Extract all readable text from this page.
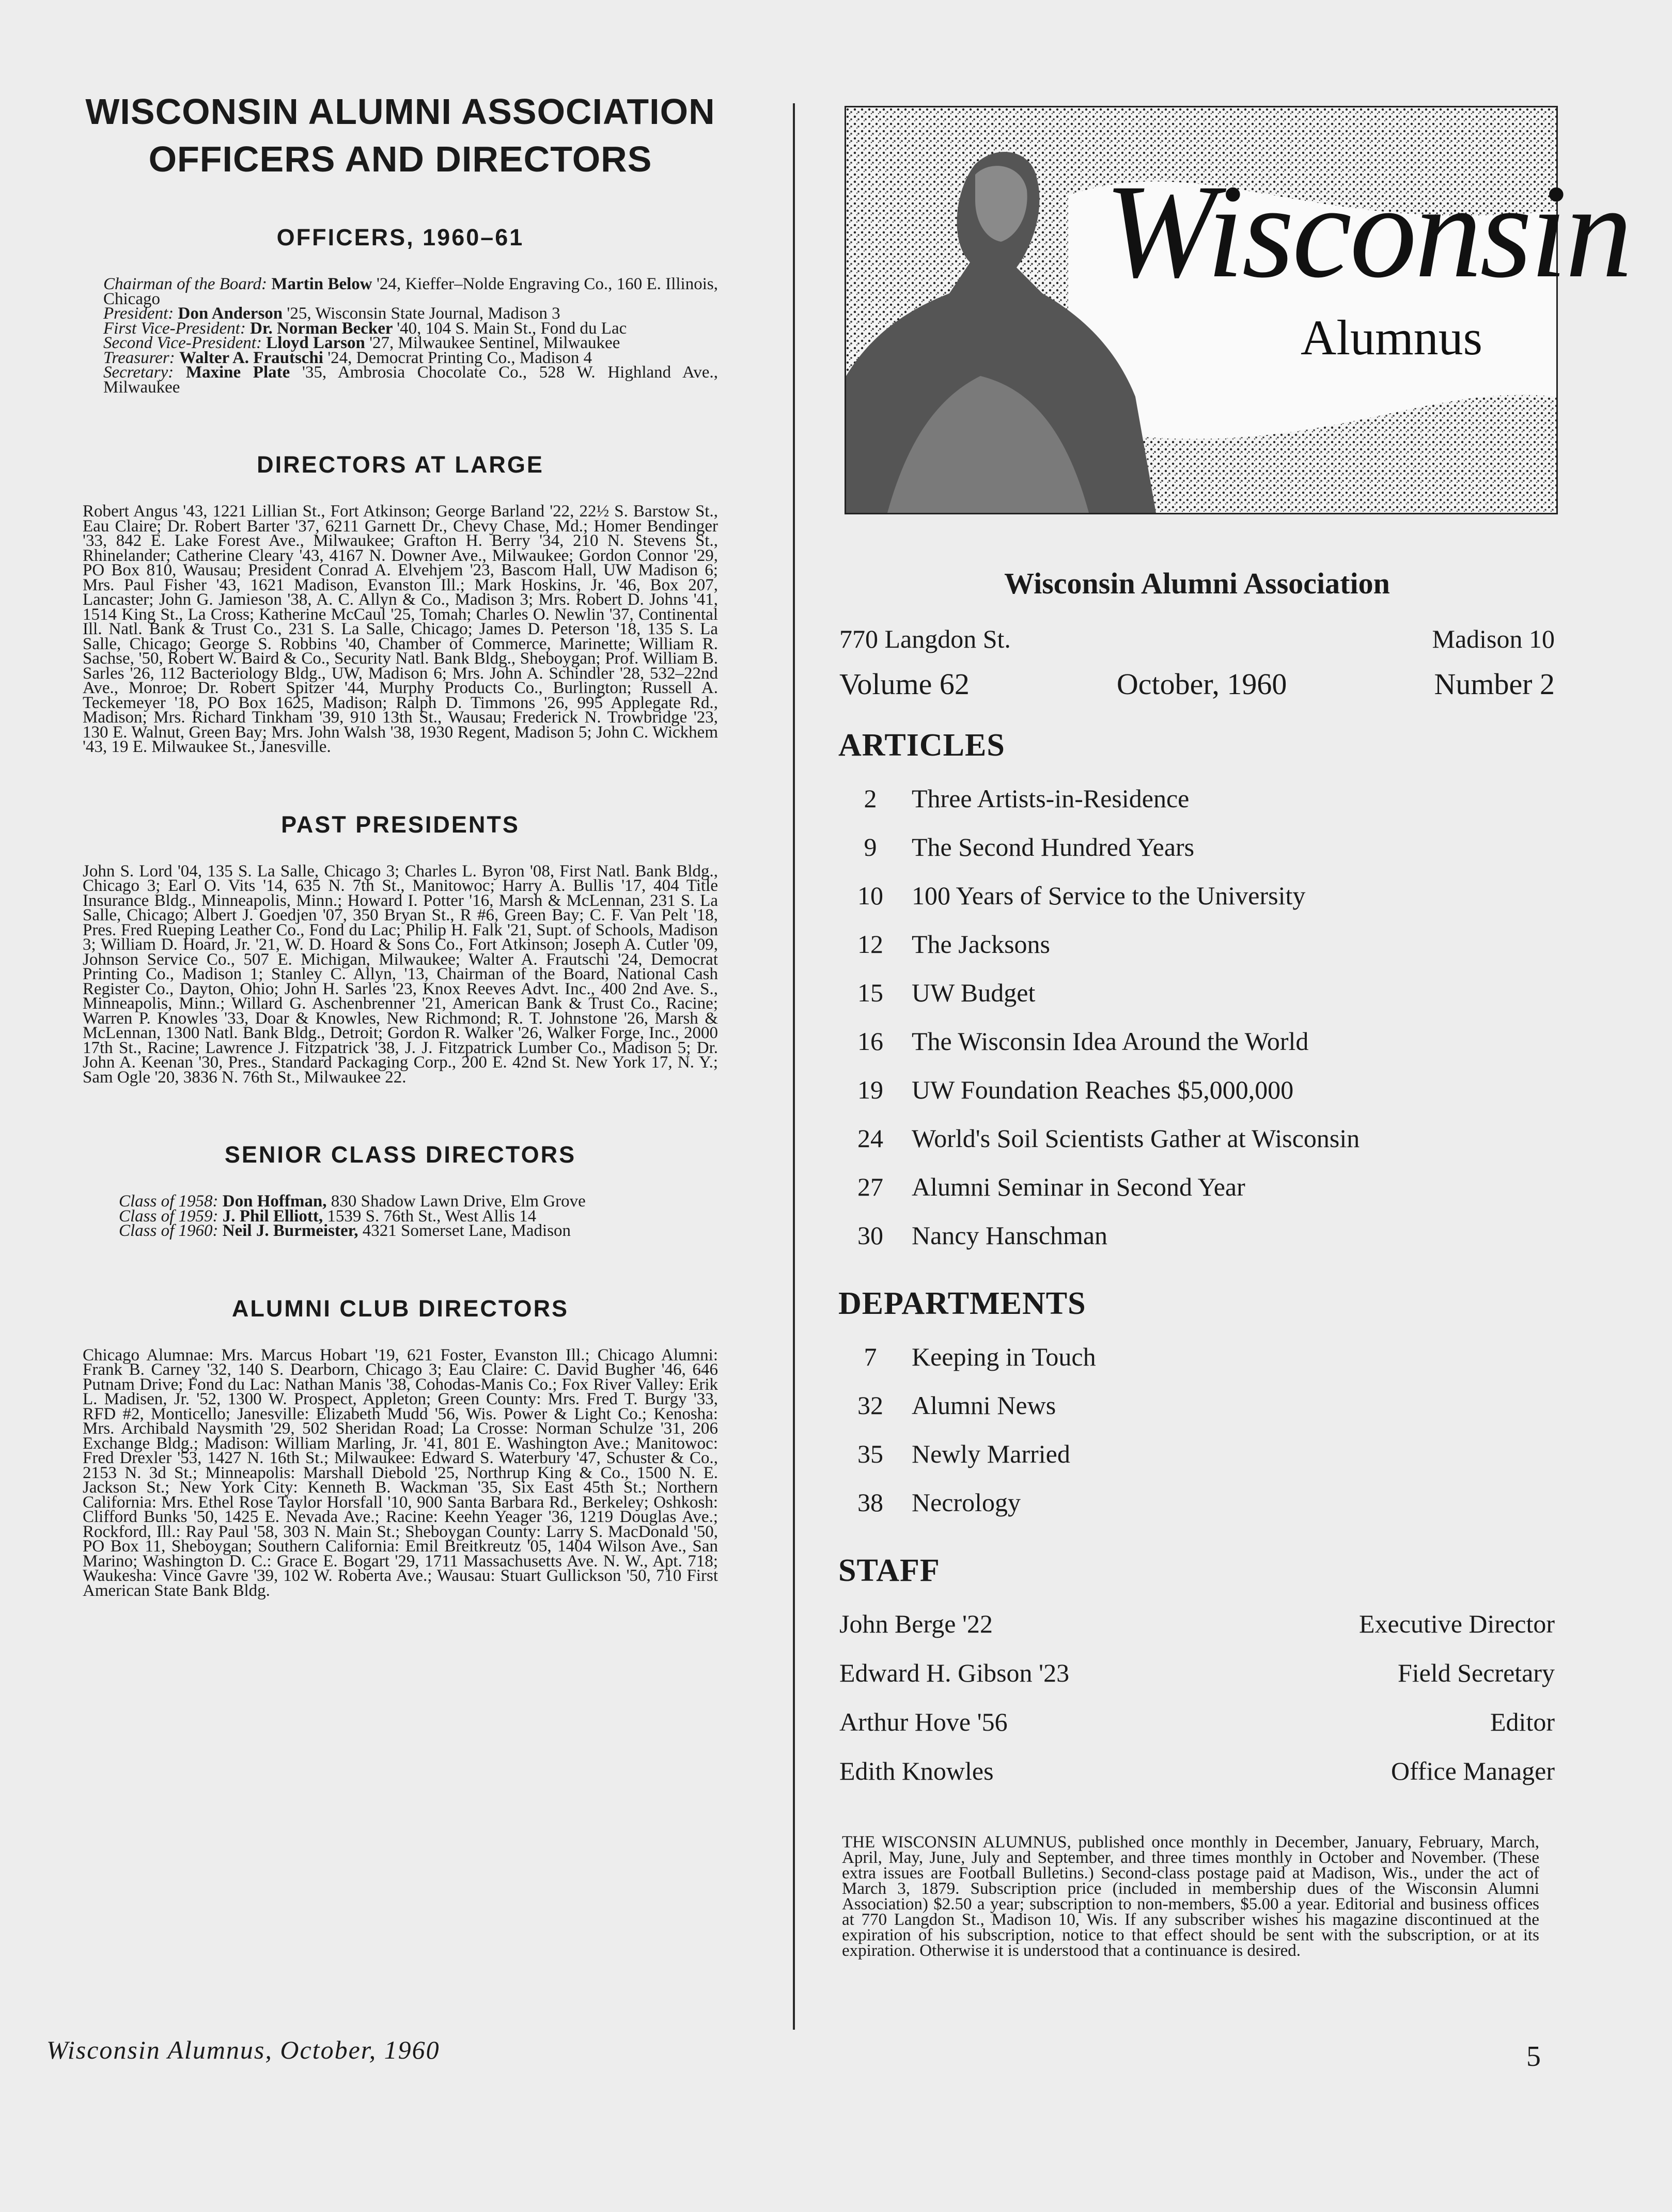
WISCONSIN ALUMNI ASSOCIATION OFFICERS AND DIRECTORS
OFFICERS, 1960–61
Chairman of the Board: Martin Below '24, Kieffer–Nolde Engraving Co., 160 E. Illinois, Chicago
President: Don Anderson '25, Wisconsin State Journal, Madison 3
First Vice-President: Dr. Norman Becker '40, 104 S. Main St., Fond du Lac
Second Vice-President: Lloyd Larson '27, Milwaukee Sentinel, Milwaukee
Treasurer: Walter A. Frautschi '24, Democrat Printing Co., Madison 4
Secretary: Maxine Plate '35, Ambrosia Chocolate Co., 528 W. Highland Ave., Milwaukee
DIRECTORS AT LARGE
Robert Angus '43, 1221 Lillian St., Fort Atkinson; George Barland '22, 22½ S. Barstow St., Eau Claire; Dr. Robert Barter '37, 6211 Garnett Dr., Chevy Chase, Md.; Homer Bendinger '33, 842 E. Lake Forest Ave., Milwaukee; Grafton H. Berry '34, 210 N. Stevens St., Rhinelander; Catherine Cleary '43, 4167 N. Downer Ave., Milwaukee; Gordon Connor '29, PO Box 810, Wausau; President Conrad A. Elvehjem '23, Bascom Hall, UW Madison 6; Mrs. Paul Fisher '43, 1621 Madison, Evanston Ill.; Mark Hoskins, Jr. '46, Box 207, Lancaster; John G. Jamieson '38, A. C. Allyn & Co., Madison 3; Mrs. Robert D. Johns '41, 1514 King St., La Cross; Katherine McCaul '25, Tomah; Charles O. Newlin '37, Continental Ill. Natl. Bank & Trust Co., 231 S. La Salle, Chicago; James D. Peterson '18, 135 S. La Salle, Chicago; George S. Robbins '40, Chamber of Commerce, Marinette; William R. Sachse, '50, Robert W. Baird & Co., Security Natl. Bank Bldg., Sheboygan; Prof. William B. Sarles '26, 112 Bacteriology Bldg., UW, Madison 6; Mrs. John A. Schindler '28, 532–22nd Ave., Monroe; Dr. Robert Spitzer '44, Murphy Products Co., Burlington; Russell A. Teckemeyer '18, PO Box 1625, Madison; Ralph D. Timmons '26, 995 Applegate Rd., Madison; Mrs. Richard Tinkham '39, 910 13th St., Wausau; Frederick N. Trowbridge '23, 130 E. Walnut, Green Bay; Mrs. John Walsh '38, 1930 Regent, Madison 5; John C. Wickhem '43, 19 E. Milwaukee St., Janesville.
PAST PRESIDENTS
John S. Lord '04, 135 S. La Salle, Chicago 3; Charles L. Byron '08, First Natl. Bank Bldg., Chicago 3; Earl O. Vits '14, 635 N. 7th St., Manitowoc; Harry A. Bullis '17, 404 Title Insurance Bldg., Minneapolis, Minn.; Howard I. Potter '16, Marsh & McLennan, 231 S. La Salle, Chicago; Albert J. Goedjen '07, 350 Bryan St., R #6, Green Bay; C. F. Van Pelt '18, Pres. Fred Rueping Leather Co., Fond du Lac; Philip H. Falk '21, Supt. of Schools, Madison 3; William D. Hoard, Jr. '21, W. D. Hoard & Sons Co., Fort Atkinson; Joseph A. Cutler '09, Johnson Service Co., 507 E. Michigan, Milwaukee; Walter A. Frautschi '24, Democrat Printing Co., Madison 1; Stanley C. Allyn, '13, Chairman of the Board, National Cash Register Co., Dayton, Ohio; John H. Sarles '23, Knox Reeves Advt. Inc., 400 2nd Ave. S., Minneapolis, Minn.; Willard G. Aschenbrenner '21, American Bank & Trust Co., Racine; Warren P. Knowles '33, Doar & Knowles, New Richmond; R. T. Johnstone '26, Marsh & McLennan, 1300 Natl. Bank Bldg., Detroit; Gordon R. Walker '26, Walker Forge, Inc., 2000 17th St., Racine; Lawrence J. Fitzpatrick '38, J. J. Fitzpatrick Lumber Co., Madison 5; Dr. John A. Keenan '30, Pres., Standard Packaging Corp., 200 E. 42nd St. New York 17, N. Y.; Sam Ogle '20, 3836 N. 76th St., Milwaukee 22.
SENIOR CLASS DIRECTORS
Class of 1958: Don Hoffman, 830 Shadow Lawn Drive, Elm Grove
Class of 1959: J. Phil Elliott, 1539 S. 76th St., West Allis 14
Class of 1960: Neil J. Burmeister, 4321 Somerset Lane, Madison
ALUMNI CLUB DIRECTORS
Chicago Alumnae: Mrs. Marcus Hobart '19, 621 Foster, Evanston Ill.; Chicago Alumni: Frank B. Carney '32, 140 S. Dearborn, Chicago 3; Eau Claire: C. David Bugher '46, 646 Putnam Drive; Fond du Lac: Nathan Manis '38, Cohodas-Manis Co.; Fox River Valley: Erik L. Madisen, Jr. '52, 1300 W. Prospect, Appleton; Green County: Mrs. Fred T. Burgy '33, RFD #2, Monticello; Janesville: Elizabeth Mudd '56, Wis. Power & Light Co.; Kenosha: Mrs. Archibald Naysmith '29, 502 Sheridan Road; La Crosse: Norman Schulze '31, 206 Exchange Bldg.; Madison: William Marling, Jr. '41, 801 E. Washington Ave.; Manitowoc: Fred Drexler '53, 1427 N. 16th St.; Milwaukee: Edward S. Waterbury '47, Schuster & Co., 2153 N. 3d St.; Minneapolis: Marshall Diebold '25, Northrup King & Co., 1500 N. E. Jackson St.; New York City: Kenneth B. Wackman '35, Six East 45th St.; Northern California: Mrs. Ethel Rose Taylor Horsfall '10, 900 Santa Barbara Rd., Berkeley; Oshkosh: Clifford Bunks '50, 1425 E. Nevada Ave.; Racine: Keehn Yeager '36, 1219 Douglas Ave.; Rockford, Ill.: Ray Paul '58, 303 N. Main St.; Sheboygan County: Larry S. MacDonald '50, PO Box 11, Sheboygan; Southern California: Emil Breitkreutz '05, 1404 Wilson Ave., San Marino; Washington D. C.: Grace E. Bogart '29, 1711 Massachusetts Ave. N. W., Apt. 718; Waukesha: Vince Gavre '39, 102 W. Roberta Ave.; Wausau: Stuart Gullickson '50, 710 First American State Bank Bldg.
Wisconsin Alumnus, October, 1960
Wisconsin
Alumnus
Wisconsin Alumni Association
770 Langdon St.	Madison 10
Volume 62	October, 1960	Number 2
ARTICLES
2	Three Artists-in-Residence
9	The Second Hundred Years
10	100 Years of Service to the University
12	The Jacksons
15	UW Budget
16	The Wisconsin Idea Around the World
19	UW Foundation Reaches $5,000,000
24	World's Soil Scientists Gather at Wisconsin
27	Alumni Seminar in Second Year
30	Nancy Hanschman
DEPARTMENTS
7	Keeping in Touch
32	Alumni News
35	Newly Married
38	Necrology
STAFF
John Berge '22	Executive Director
Edward H. Gibson '23	Field Secretary
Arthur Hove '56	Editor
Edith Knowles	Office Manager
THE WISCONSIN ALUMNUS, published once monthly in December, January, February, March, April, May, June, July and September, and three times monthly in October and November. (These extra issues are Football Bulletins.) Second-class postage paid at Madison, Wis., under the act of March 3, 1879. Subscription price (included in membership dues of the Wisconsin Alumni Association) $2.50 a year; subscription to non-members, $5.00 a year. Editorial and business offices at 770 Langdon St., Madison 10, Wis. If any subscriber wishes his magazine discontinued at the expiration of his subscription, notice to that effect should be sent with the subscription, or at its expiration. Otherwise it is understood that a continuance is desired.
5
